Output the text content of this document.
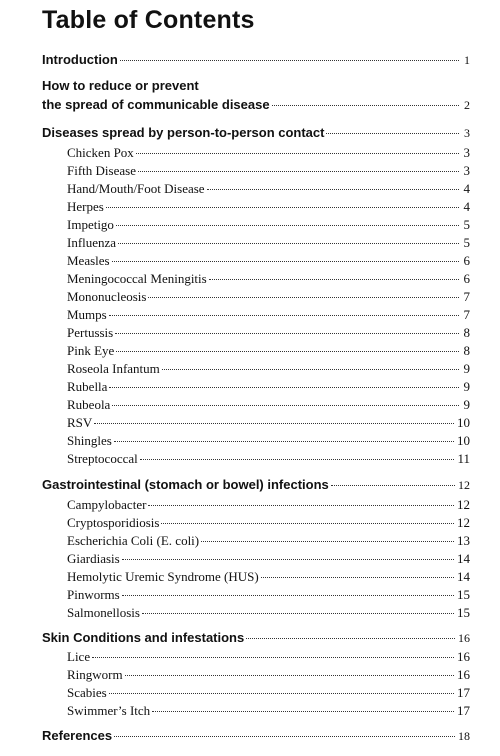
Table of Contents
Introduction	1
How to reduce or prevent
the spread of communicable disease	2
Diseases spread by person-to-person contact	3
Chicken Pox	3
Fifth Disease	3
Hand/Mouth/Foot Disease	4
Herpes	4
Impetigo	5
Influenza	5
Measles	6
Meningococcal Meningitis	6
Mononucleosis	7
Mumps	7
Pertussis	8
Pink Eye	8
Roseola Infantum	9
Rubella	9
Rubeola	9
RSV	10
Shingles	10
Streptococcal	11
Gastrointestinal (stomach or bowel) infections	12
Campylobacter	12
Cryptosporidiosis	12
Escherichia Coli (E. coli)	13
Giardiasis	14
Hemolytic Uremic Syndrome (HUS)	14
Pinworms	15
Salmonellosis	15
Skin Conditions and infestations	16
Lice	16
Ringworm	16
Scabies	17
Swimmer’s Itch	17
References	18
